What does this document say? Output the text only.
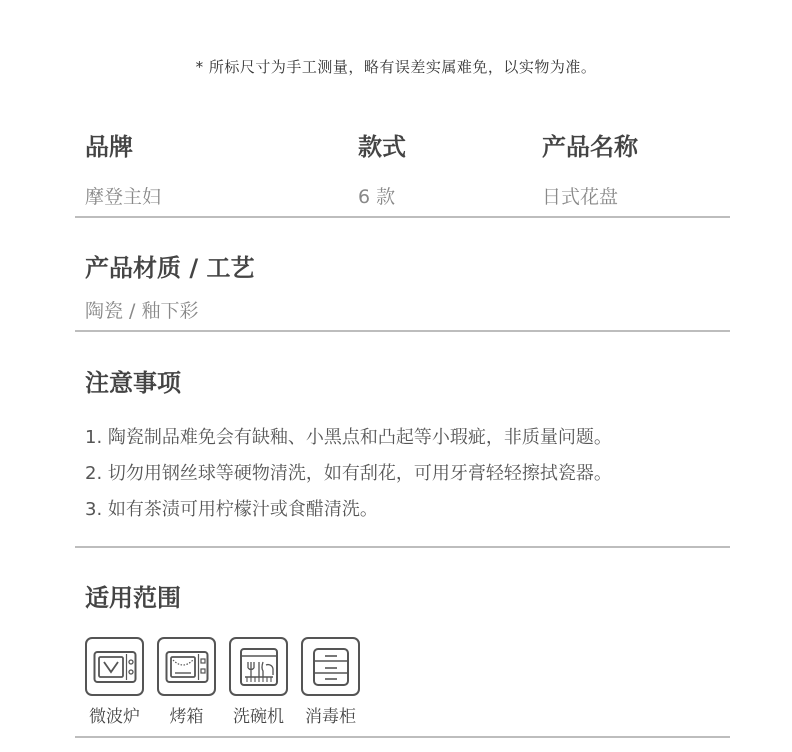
* 所标尺寸为手工测量，略有误差实属难免，以实物为准。
品牌	款式	产品名称
摩登主妇	6 款	日式花盘
产品材质 / 工艺
陶瓷 / 釉下彩
注意事项
1. 陶瓷制品难免会有缺釉、小黑点和凸起等小瑕疵，非质量问题。
2. 切勿用钢丝球等硬物清洗，如有刮花，可用牙膏轻轻擦拭瓷器。
3. 如有茶渍可用柠檬汁或食醋清洗。
适用范围
微波炉 烤箱 洗碗机 消毒柜
